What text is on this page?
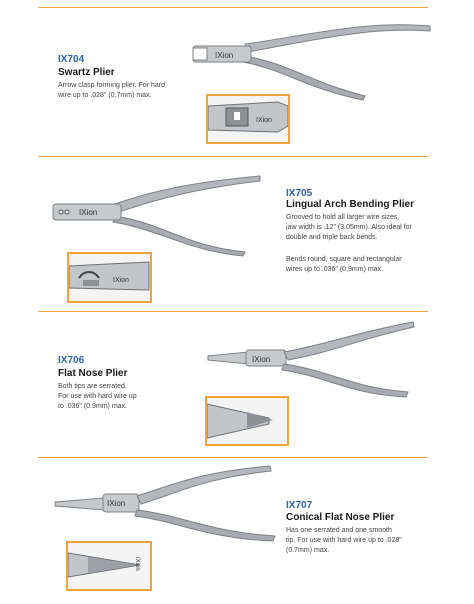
IX704
Swartz Plier
Arrow clasp forming plier. For hard
wire up to .028" (0.7mm) max.
IXion
IXion
IXion
IX705
Lingual Arch Bending Plier
Grooved to hold all larger wire sizes,
jaw width is .12" (3.05mm). Also ideal for
double and triple back bends.
Bends round, square and rectangular
wires up to .036" (0,9mm) max.
IXion
IX706
Flat Nose Plier
Both tips are serrated.
For use with hard wire up
to .036" (0.9mm) max.
IXion
IXion	IX707
Conical Flat Nose Plier
Has one serrated and one smooth
tip. For use with hard wire up to .028"
(0.7mm) max.
IXion
